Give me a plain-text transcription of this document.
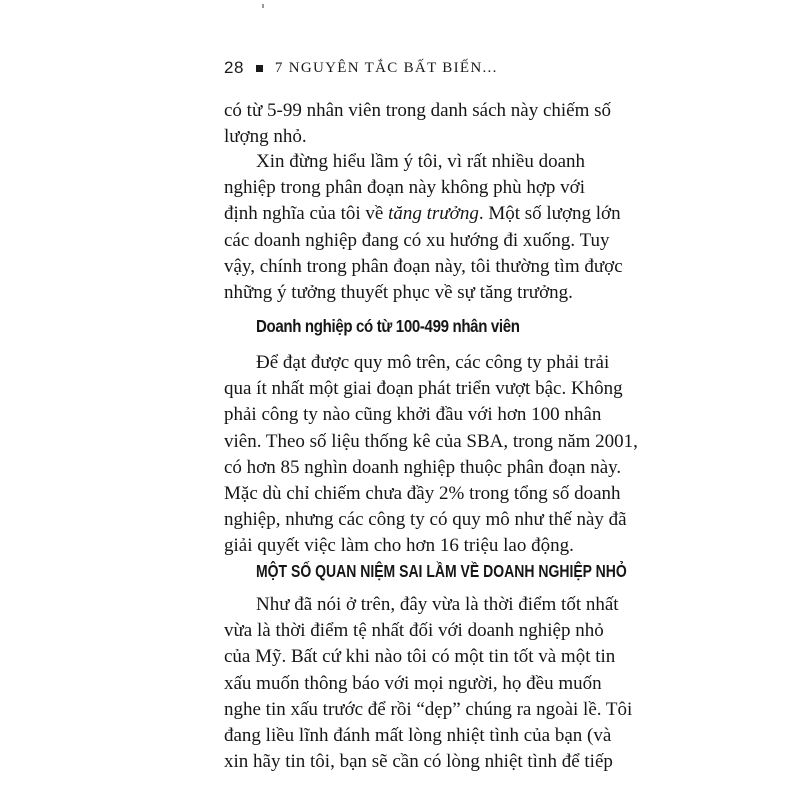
28 7 NGUYÊN TẮC BẤT BIẾN...

có từ 5-99 nhân viên trong danh sách này chiếm số
lượng nhỏ.

Xin đừng hiểu lầm ý tôi, vì rất nhiều doanh
nghiệp trong phân đoạn này không phù hợp với
định nghĩa của tôi về tăng trưởng. Một số lượng lớn
các doanh nghiệp đang có xu hướng đi xuống. Tuy
vậy, chính trong phân đoạn này, tôi thường tìm được
những ý tưởng thuyết phục về sự tăng trưởng.

Doanh nghiệp có từ 100-499 nhân viên

Để đạt được quy mô trên, các công ty phải trải
qua ít nhất một giai đoạn phát triển vượt bậc. Không
phải công ty nào cũng khởi đầu với hơn 100 nhân
viên. Theo số liệu thống kê của SBA, trong năm 2001,
có hơn 85 nghìn doanh nghiệp thuộc phân đoạn này.
Mặc dù chỉ chiếm chưa đầy 2% trong tổng số doanh
nghiệp, nhưng các công ty có quy mô như thế này đã
giải quyết việc làm cho hơn 16 triệu lao động.

MỘT SỐ QUAN NIỆM SAI LẦM VỀ DOANH NGHIỆP NHỎ

Như đã nói ở trên, đây vừa là thời điểm tốt nhất
vừa là thời điểm tệ nhất đối với doanh nghiệp nhỏ
của Mỹ. Bất cứ khi nào tôi có một tin tốt và một tin
xấu muốn thông báo với mọi người, họ đều muốn
nghe tin xấu trước để rồi “dẹp” chúng ra ngoài lề. Tôi
đang liều lĩnh đánh mất lòng nhiệt tình của bạn (và
xin hãy tin tôi, bạn sẽ cần có lòng nhiệt tình để tiếp
